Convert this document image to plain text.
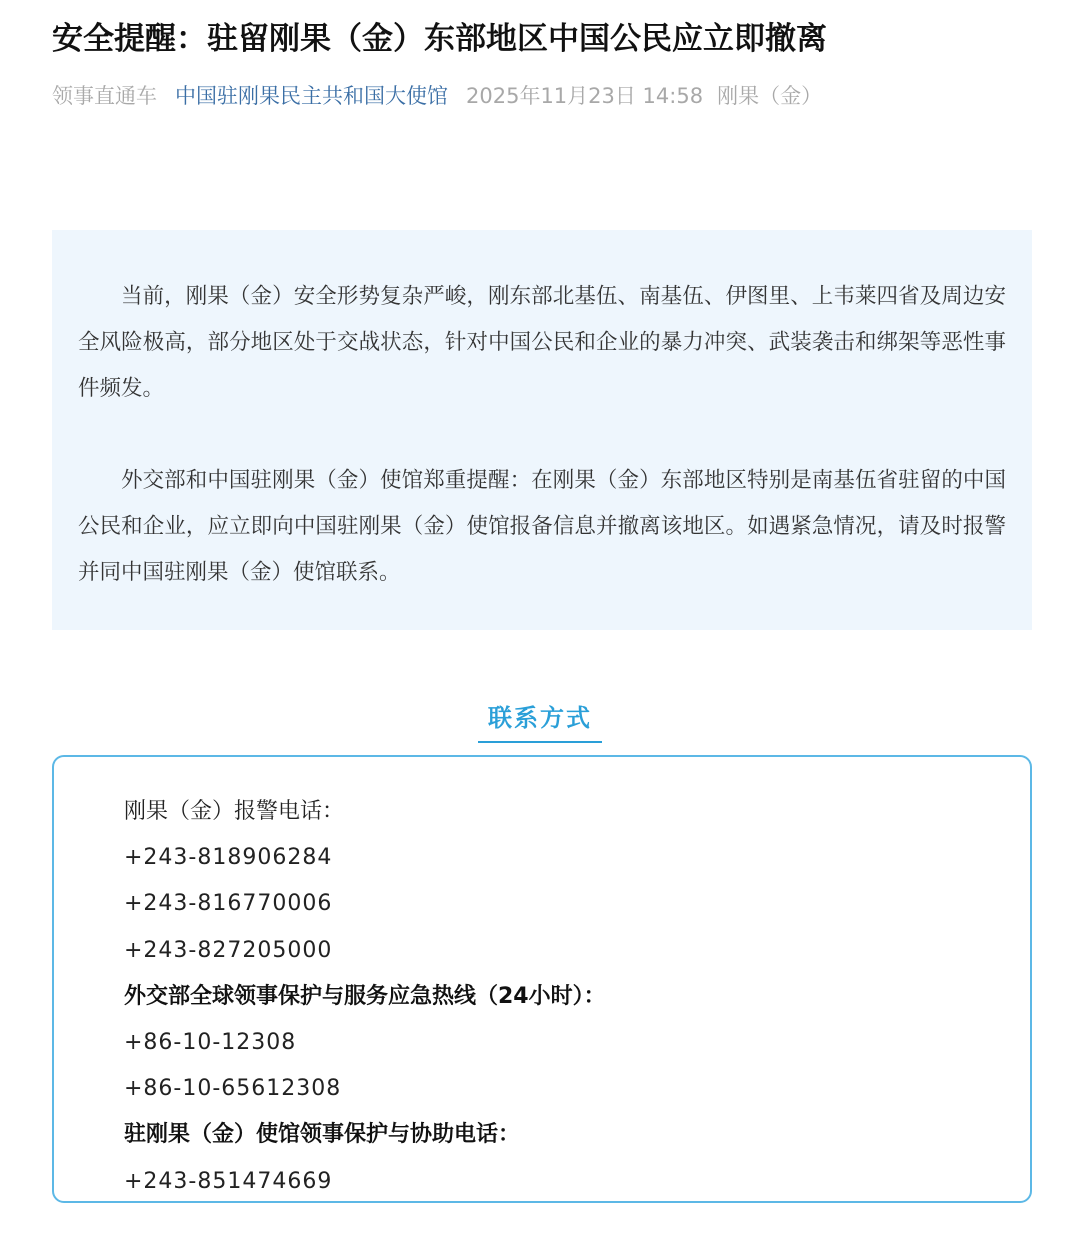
安全提醒：驻留刚果（金）东部地区中国公民应立即撤离
领事直通车 中国驻刚果民主共和国大使馆 2025年11月23日 14:58 刚果（金）

当前，刚果（金）安全形势复杂严峻，刚东部北基伍、南基伍、伊图里、上韦莱四省及周边安全风险极高，部分地区处于交战状态，针对中国公民和企业的暴力冲突、武装袭击和绑架等恶性事件频发。

外交部和中国驻刚果（金）使馆郑重提醒：在刚果（金）东部地区特别是南基伍省驻留的中国公民和企业，应立即向中国驻刚果（金）使馆报备信息并撤离该地区。如遇紧急情况，请及时报警并同中国驻刚果（金）使馆联系。

联系方式
刚果（金）报警电话：
+243-818906284
+243-816770006
+243-827205000
外交部全球领事保护与服务应急热线（24小时）：
+86-10-12308
+86-10-65612308
驻刚果（金）使馆领事保护与协助电话：
+243-851474669
